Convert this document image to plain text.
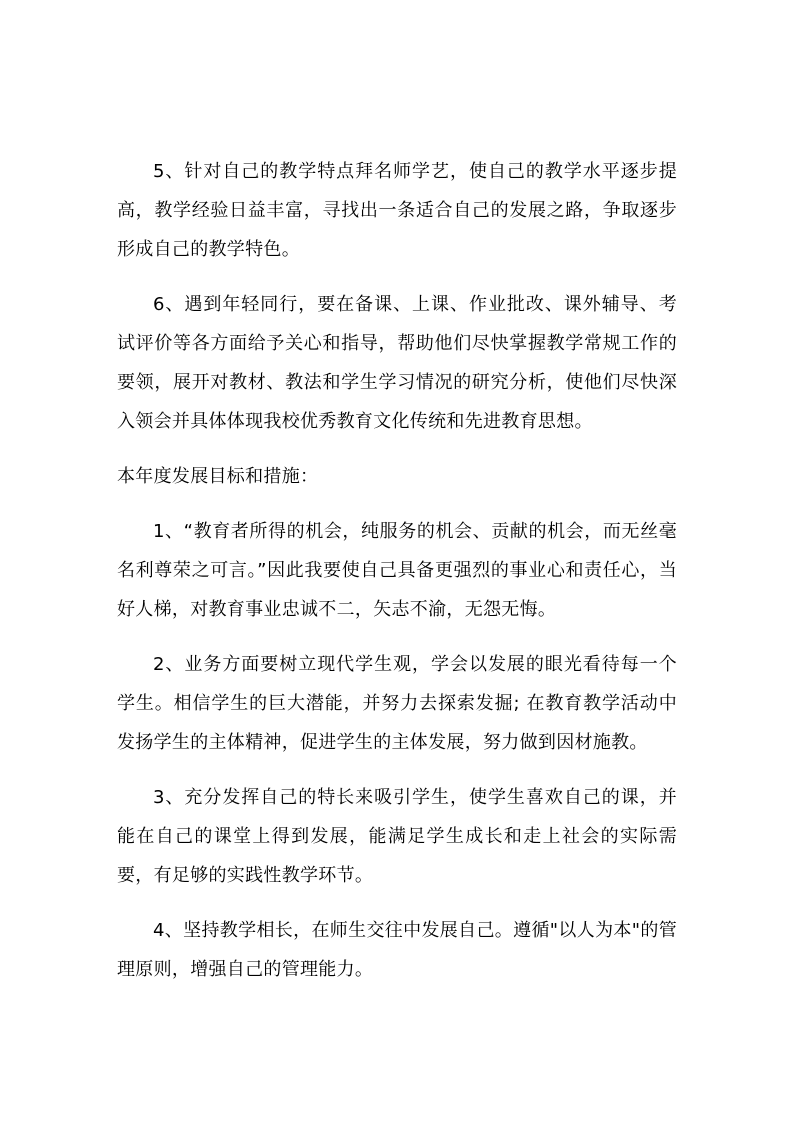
5、针对自己的教学特点拜名师学艺，使自己的教学水平逐步提高，教学经验日益丰富，寻找出一条适合自己的发展之路，争取逐步形成自己的教学特色。

6、遇到年轻同行，要在备课、上课、作业批改、课外辅导、考试评价等各方面给予关心和指导，帮助他们尽快掌握教学常规工作的要领，展开对教材、教法和学生学习情况的研究分析，使他们尽快深入领会并具体体现我校优秀教育文化传统和先进教育思想。

本年度发展目标和措施：

1、“教育者所得的机会，纯服务的机会、贡献的机会，而无丝毫名利尊荣之可言。”因此我要使自己具备更强烈的事业心和责任心，当好人梯，对教育事业忠诚不二，矢志不渝，无怨无悔。

2、业务方面要树立现代学生观，学会以发展的眼光看待每一个学生。相信学生的巨大潜能，并努力去探索发掘; 在教育教学活动中发扬学生的主体精神，促进学生的主体发展，努力做到因材施教。

3、充分发挥自己的特长来吸引学生，使学生喜欢自己的课，并能在自己的课堂上得到发展，能满足学生成长和走上社会的实际需要，有足够的实践性教学环节。

4、坚持教学相长，在师生交往中发展自己。遵循"以人为本"的管理原则，增强自己的管理能力。
